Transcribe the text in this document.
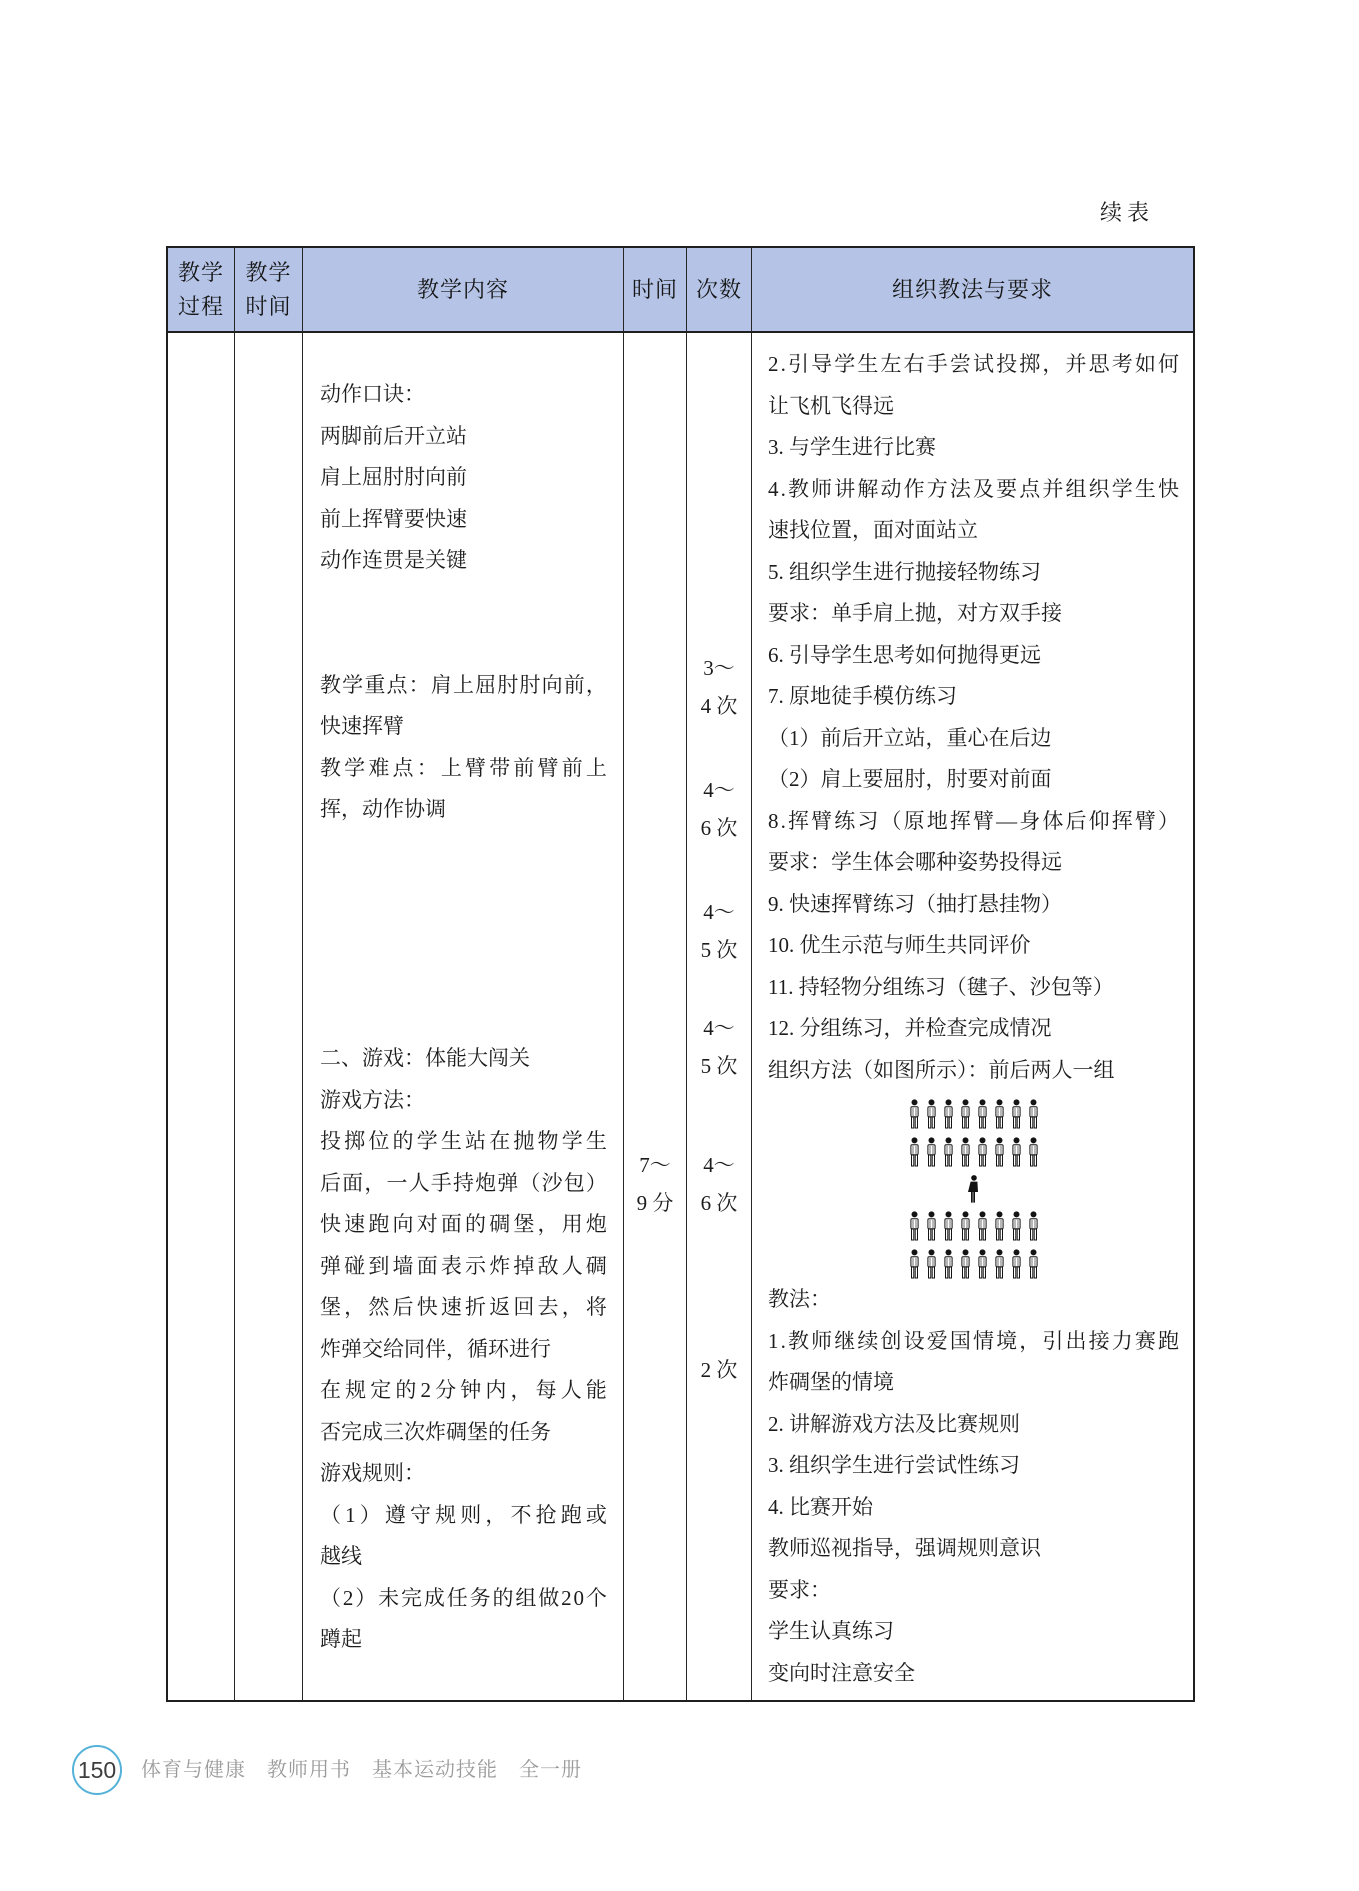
续表
教学
过程
教学
时间
教学内容	时间 次数	组织教法与要求
动作口诀：
两脚前后开立站
肩上屈肘肘向前
前上挥臂要快速
动作连贯是关键
教 学 重 点 ： 肩 上 屈 肘 肘 向 前 ，
快速挥臂
教 学 难 点 ： 上 臂 带 前 臂 前 上
挥，动作协调
二、游戏：体能大闯关
游戏方法：
投 掷 位 的 学 生 站 在 抛 物 学 生
后 面 ， 一 人 手 持 炮 弹 （ 沙 包 ）
快 速 跑 向 对 面 的 碉 堡 ， 用 炮
弹 碰 到 墙 面 表 示 炸 掉 敌 人 碉
堡 ， 然 后 快 速 折 返 回 去 ， 将
炸弹交给同伴，循环进行
在 规 定 的 2 分 钟 内 ， 每 人 能
否完成三次炸碉堡的任务
游戏规则：
（ 1 ） 遵 守 规 则 ， 不 抢 跑 或
越线
（ 2 ） 未 完 成 任 务 的 组 做 2 0 个
蹲起
7～
9 分
3～
4 次
4～
6 次
4～
5 次
4～
5 次
4～
6 次
2 次
2 . 引 导 学 生 左 右 手 尝 试 投 掷 ， 并 思 考 如 何
让飞机飞得远
3. 与学生进行比赛
4 . 教 师 讲 解 动 作 方 法 及 要 点 并 组 织 学 生 快
速找位置，面对面站立
5. 组织学生进行抛接轻物练习
要求：单手肩上抛，对方双手接
6. 引导学生思考如何抛得更远
7. 原地徒手模仿练习
（1）前后开立站，重心在后边
（2）肩上要屈肘，肘要对前面
8 . 挥 臂 练 习 （ 原 地 挥 臂 — 身 体 后 仰 挥 臂 ）
要求：学生体会哪种姿势投得远
9. 快速挥臂练习（抽打悬挂物）
10. 优生示范与师生共同评价
11. 持轻物分组练习（毽子、沙包等）
12. 分组练习，并检查完成情况
组织方法（如图所示）：前后两人一组
教法：
1 . 教 师 继 续 创 设 爱 国 情 境 ， 引 出 接 力 赛 跑
炸碉堡的情境
2. 讲解游戏方法及比赛规则
3. 组织学生进行尝试性练习
4. 比赛开始
教师巡视指导，强调规则意识
要求：
学生认真练习
变向时注意安全
150 体育与健康　教师用书　基本运动技能　全一册
